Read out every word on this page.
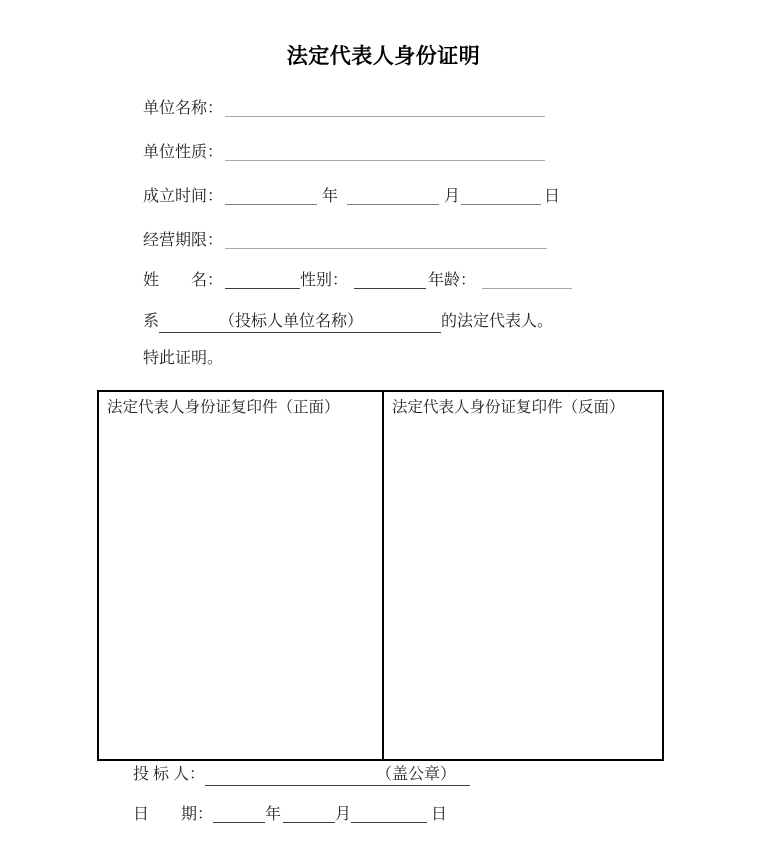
法定代表人身份证明
单位名称：
单位性质：
成立时间：	年	月	日
经营期限：
姓　　名：	性别：	年龄：
系	（投标人单位名称）	的法定代表人。
特此证明。
法定代表人身份证复印件（正面）	法定代表人身份证复印件（反面）
投 标 人：	（盖公章）
日　　期：	年	月	日
